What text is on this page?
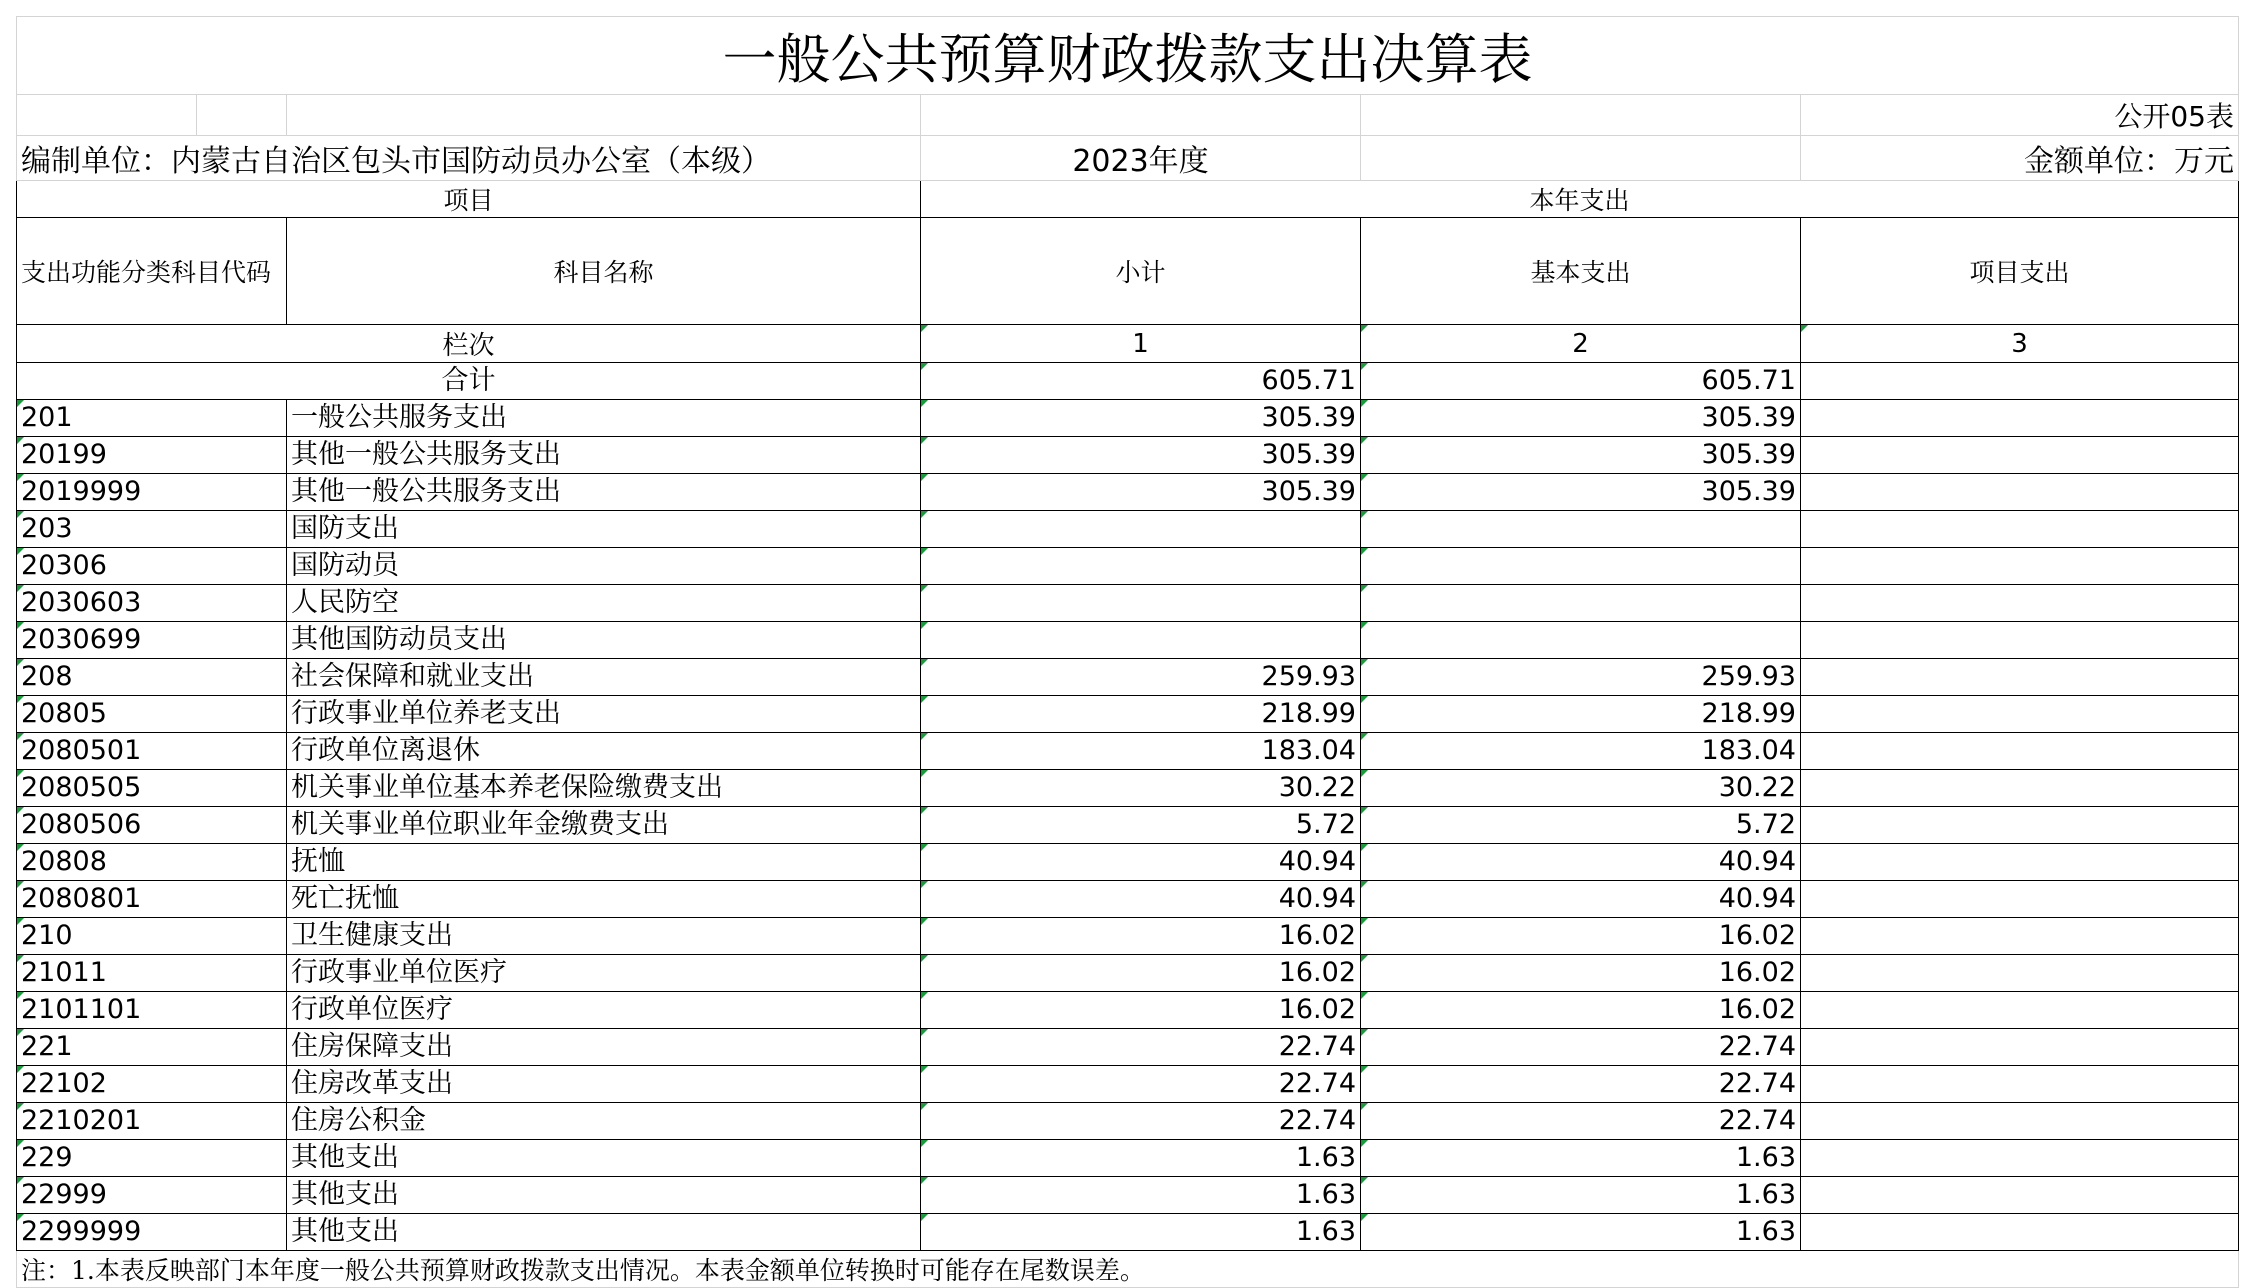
一般公共预算财政拨款支出决算表					
					公开05表
编制单位：内蒙古自治区包头市国防动员办公室（本级）			2023年度		金额单位：万元
项目			本年支出		
支出功能分类科目代码		科目名称	小计	基本支出	项目支出
栏次			1	2	3
合计			605.71	605.71	
201		一般公共服务支出	305.39	305.39	
20199		其他一般公共服务支出	305.39	305.39	
2019999		其他一般公共服务支出	305.39	305.39	
203		国防支出			
20306		国防动员			
2030603		人民防空			
2030699		其他国防动员支出			
208		社会保障和就业支出	259.93	259.93	
20805		行政事业单位养老支出	218.99	218.99	
2080501		行政单位离退休	183.04	183.04	
2080505		机关事业单位基本养老保险缴费支出	30.22	30.22	
2080506		机关事业单位职业年金缴费支出	5.72	5.72	
20808		抚恤	40.94	40.94	
2080801		死亡抚恤	40.94	40.94	
210		卫生健康支出	16.02	16.02	
21011		行政事业单位医疗	16.02	16.02	
2101101		行政单位医疗	16.02	16.02	
221		住房保障支出	22.74	22.74	
22102		住房改革支出	22.74	22.74	
2210201		住房公积金	22.74	22.74	
229		其他支出	1.63	1.63	
22999		其他支出	1.63	1.63	
2299999		其他支出	1.63	1.63	
注：1.本表反映部门本年度一般公共预算财政拨款支出情况。本表金额单位转换时可能存在尾数误差。					
